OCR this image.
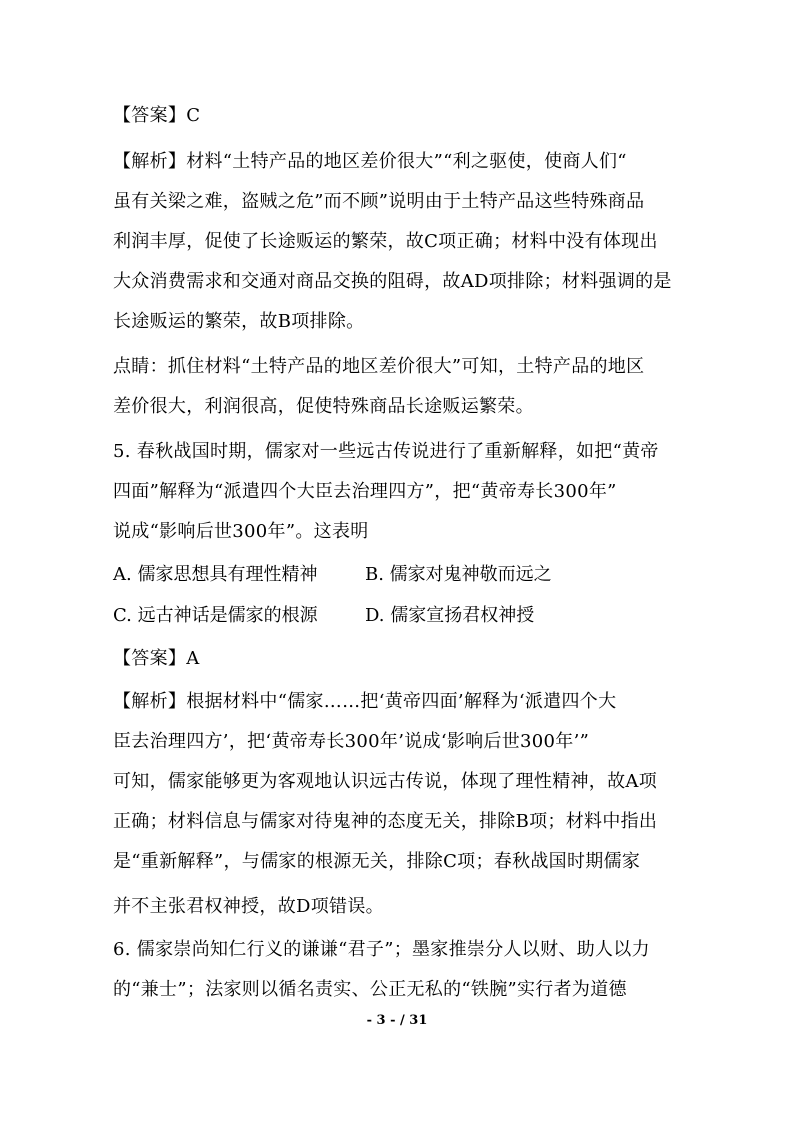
【答案】C
【解析】材料“土特产品的地区差价很大”“利之驱使，使商人们“
虽有关梁之难，盗贼之危”而不顾”说明由于土特产品这些特殊商品
利润丰厚，促使了长途贩运的繁荣，故C项正确；材料中没有体现出
大众消费需求和交通对商品交换的阻碍，故AD项排除；材料强调的是
长途贩运的繁荣，故B项排除。
点睛：抓住材料“土特产品的地区差价很大”可知，土特产品的地区
差价很大，利润很高，促使特殊商品长途贩运繁荣。
5. 春秋战国时期，儒家对一些远古传说进行了重新解释，如把“黄帝
四面”解释为“派遣四个大臣去治理四方”，把“黄帝寿长300年”
说成“影响后世300年”。这表明
A. 儒家思想具有理性精神	B. 儒家对鬼神敬而远之
C. 远古神话是儒家的根源	D. 儒家宣扬君权神授
【答案】A
【解析】根据材料中“儒家……把‘黄帝四面’解释为‘派遣四个大
臣去治理四方’，把‘黄帝寿长300年’说成‘影响后世300年’”
可知，儒家能够更为客观地认识远古传说，体现了理性精神，故A项
正确；材料信息与儒家对待鬼神的态度无关，排除B项；材料中指出
是“重新解释”，与儒家的根源无关，排除C项；春秋战国时期儒家
并不主张君权神授，故D项错误。
6. 儒家崇尚知仁行义的谦谦“君子”；墨家推崇分人以财、助人以力
的“兼士”；法家则以循名责实、公正无私的“铁腕”实行者为道德
- 3 - / 31
